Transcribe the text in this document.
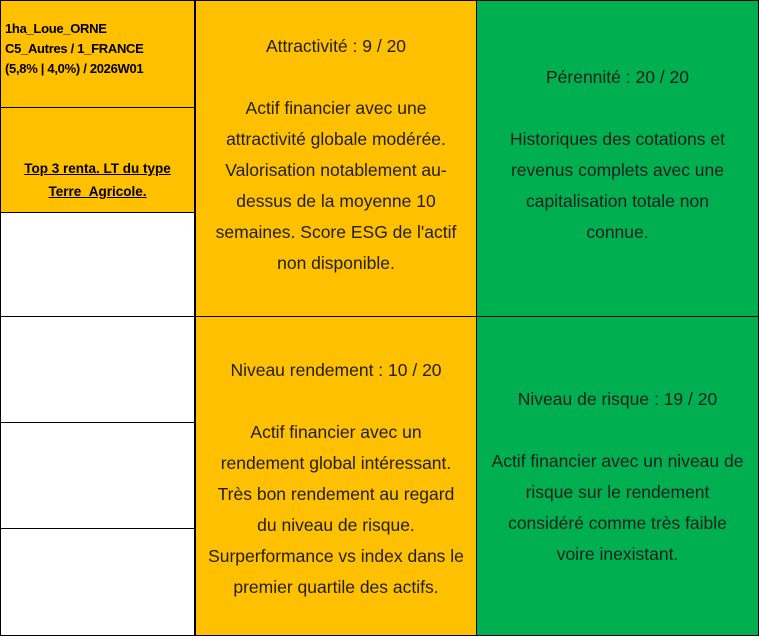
1ha_Loue_ORNE
C5_Autres / 1_FRANCE
(5,8% | 4,0%) / 2026W01

Top 3 renta. LT du type
Terre_Agricole.

Attractivité : 9 / 20
Actif financier avec une
attractivité globale modérée.
Valorisation notablement au-
dessus de la moyenne 10
semaines. Score ESG de l'actif
non disponible.
Pérennité : 20 / 20
Historiques des cotations et
revenus complets avec une
capitalisation totale non
connue.
Niveau rendement : 10 / 20
Actif financier avec un
rendement global intéressant.
Très bon rendement au regard
du niveau de risque.
Surperformance vs index dans le
premier quartile des actifs.
Niveau de risque : 19 / 20
Actif financier avec un niveau de
risque sur le rendement
considéré comme très faible
voire inexistant.
